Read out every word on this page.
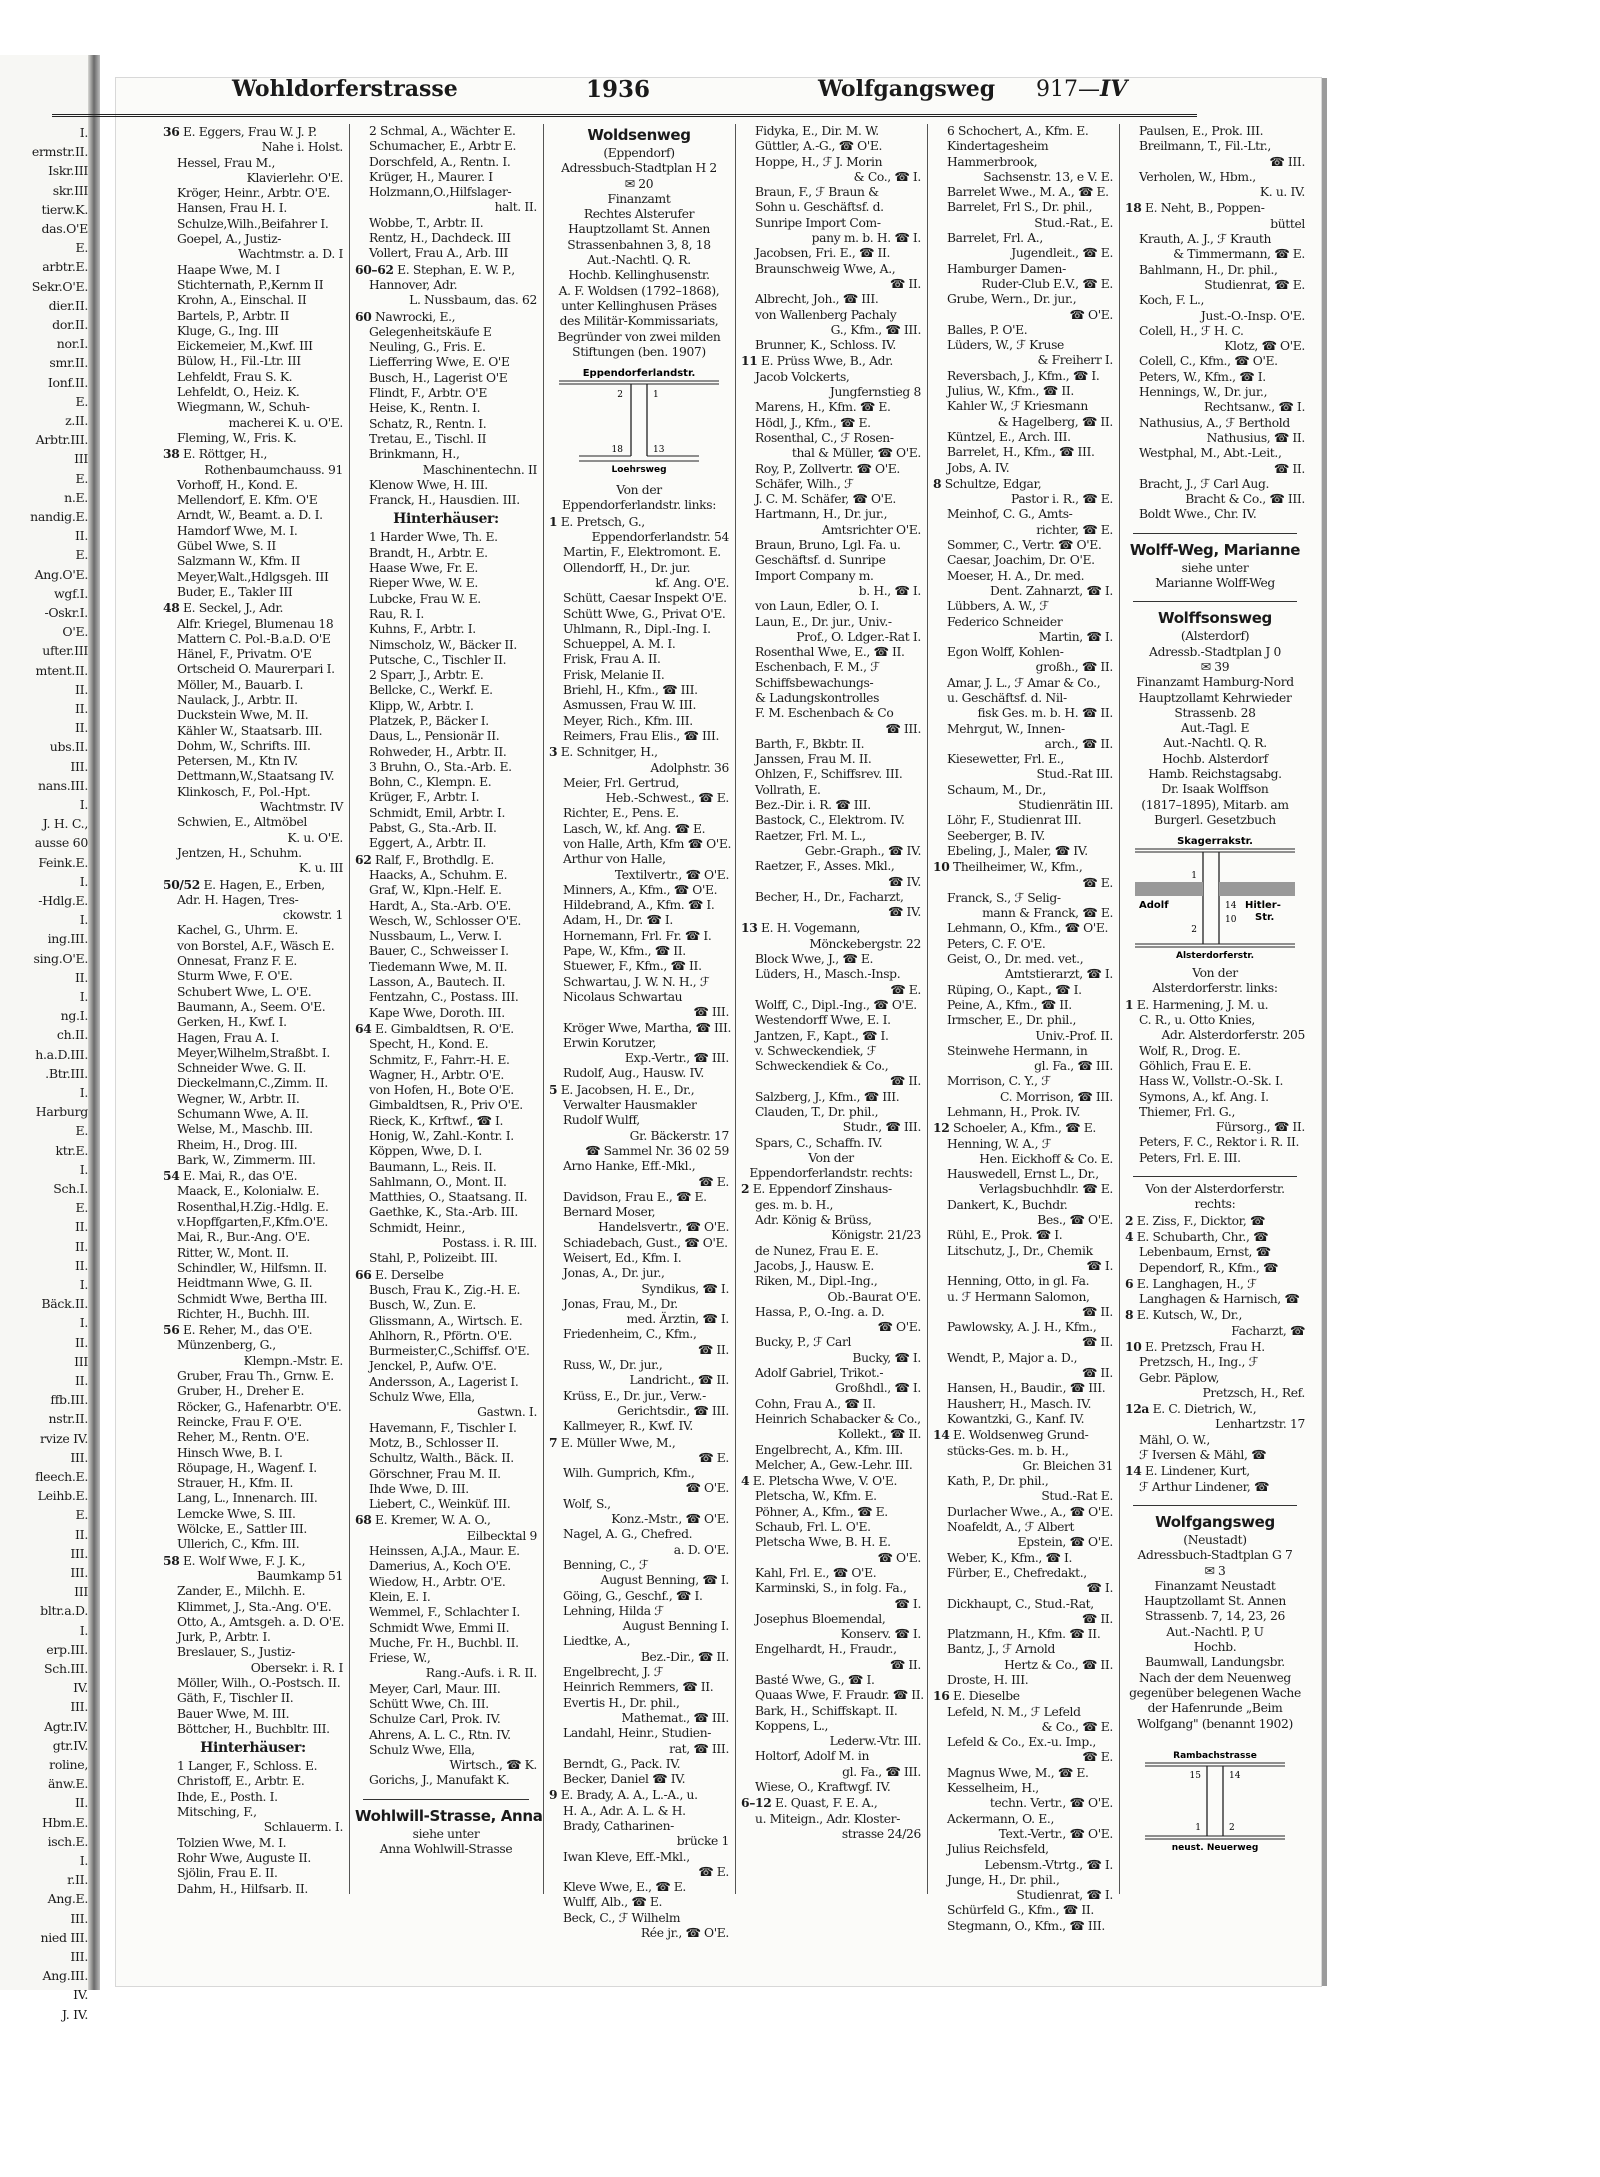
I.
ermstr.II.
Iskr.III
skr.III
tierw.K.
das.O'E
E.
arbtr.E.
Sekr.O'E.
dier.II.
dor.II.
nor.I.
smr.II.
Ionf.II.
E.
z.II.
Arbtr.III.
III
E.
n.E.
nandig.E.
II.
E.
Ang.O'E.
wgf.I.
-Oskr.I.
O'E.
ufter.III
mtent.II.
II.
II.
II.
ubs.II.
III.
nans.III.
I.
J. H. C.,
ausse 60
Feink.E.
I.
-Hdlg.E.
I.
ing.III.
sing.O'E.
II.
I.
ng.I.
ch.II.
h.a.D.III.
.Btr.III.
I.
Harburg
E.
ktr.E.
I.
Sch.I.
E.
II.
II.
II.
I.
Bäck.II.
I.
II.
III
II.
ffb.III.
nstr.II.
rvize IV.
III.
fleech.E.
Leihb.E.
E.
II.
III.
III.
III
bltr.a.D.
I.
erp.III.
Sch.III.
IV.
III.
Agtr.IV.
gtr.IV.
roline,
änw.E.
II.
Hbm.E.
isch.E.
I.
r.II.
Ang.E.
III.
nied III.
III.
Ang.III.
IV.
J. IV.
Wohldorferstrasse	1936	Wolfgangsweg 917—IV
36 E. Eggers, Frau W. J. P.
Nahe i. Holst.
Hessel, Frau M.,
Klavierlehr. O'E.
Kröger, Heinr., Arbtr. O'E.
Hansen, Frau H. I.
Schulze,Wilh.,Beifahrer I.
Goepel, A., Justiz-
Wachtmstr. a. D. I
Haape Wwe, M. I
Stichternath, P.,Kernm II
Krohn, A., Einschal. II
Bartels, P., Arbtr. II
Kluge, G., Ing. III
Eickemeier, M.,Kwf. III
Bülow, H., Fil.-Ltr. III
Lehfeldt, Frau S. K.
Lehfeldt, O., Heiz. K.
Wiegmann, W., Schuh-
macherei K. u. O'E.
Fleming, W., Fris. K.
38 E. Röttger, H.,
Rothenbaumchauss. 91
Vorhoff, H., Kond. E.
Mellendorf, E. Kfm. O'E
Arndt, W., Beamt. a. D. I.
Hamdorf Wwe, M. I.
Gübel Wwe, S. II
Salzmann W., Kfm. II
Meyer,Walt.,Hdlgsgeh. III
Buder, E., Takler III
48 E. Seckel, J., Adr.
Alfr. Kriegel, Blumenau 18
Mattern C. Pol.-B.a.D. O'E
Hänel, F., Privatm. O'E
Ortscheid O. Maurerpari I.
Möller, M., Bauarb. I.
Naulack, J., Arbtr. II.
Duckstein Wwe, M. II.
Kähler W., Staatsarb. III.
Dohm, W., Schrifts. III.
Petersen, M., Ktn IV.
Dettmann,W.,Staatsang IV.
Klinkosch, F., Pol.-Hpt.
Wachtmstr. IV
Schwien, E., Altmöbel
K. u. O'E.
Jentzen, H., Schuhm.
K. u. III
50/52 E. Hagen, E., Erben,
Adr. H. Hagen, Tres-
ckowstr. 1
Kachel, G., Uhrm. E.
von Borstel, A.F., Wäsch E.
Onnesat, Franz F. E.
Sturm Wwe, F. O'E.
Schubert Wwe, L. O'E.
Baumann, A., Seem. O'E.
Gerken, H., Kwf. I.
Hagen, Frau A. I.
Meyer,Wilhelm,Straßbt. I.
Schneider Wwe. G. II.
Dieckelmann,C.,Zimm. II.
Wegner, W., Arbtr. II.
Schumann Wwe, A. II.
Welse, M., Maschb. III.
Rheim, H., Drog. III.
Bark, W., Zimmerm. III.
54 E. Mai, R., das O'E.
Maack, E., Kolonialw. E.
Rosenthal,H.Zig.-Hdlg. E.
v.Hopffgarten,F.,Kfm.O'E.
Mai, R., Bur.-Ang. O'E.
Ritter, W., Mont. II.
Schindler, W., Hilfsmn. II.
Heidtmann Wwe, G. II.
Schmidt Wwe, Bertha III.
Richter, H., Buchh. III.
56 E. Reher, M., das O'E.
Münzenberg, G.,
Klempn.-Mstr. E.
Gruber, Frau Th., Grnw. E.
Gruber, H., Dreher E.
Röcker, G., Hafenarbtr. O'E.
Reincke, Frau F. O'E.
Reher, M., Rentn. O'E.
Hinsch Wwe, B. I.
Röupage, H., Wagenf. I.
Strauer, H., Kfm. II.
Lang, L., Innenarch. III.
Lemcke Wwe, S. III.
Wölcke, E., Sattler III.
Ullerich, C., Kfm. III.
58 E. Wolf Wwe, F. J. K.,
Baumkamp 51
Zander, E., Milchh. E.
Klimmet, J., Sta.-Ang. O'E.
Otto, A., Amtsgeh. a. D. O'E.
Jurk, P., Arbtr. I.
Breslauer, S., Justiz-
Obersekr. i. R. I
Möller, Wilh., O.-Postsch. II.
Gäth, F., Tischler II.
Bauer Wwe, M. III.
Böttcher, H., Buchbltr. III.
Hinterhäuser:
1 Langer, F., Schloss. E.
Christoff, E., Arbtr. E.
Ihde, E., Posth. I.
Mitsching, F.,
Schlauerm. I.
Tolzien Wwe, M. I.
Rohr Wwe, Auguste II.
Sjölin, Frau E. II.
Dahm, H., Hilfsarb. II.
2 Schmal, A., Wächter E.
Schumacher, E., Arbtr E.
Dorschfeld, A., Rentn. I.
Krüger, H., Maurer. I
Holzmann,O.,Hilfslager-
halt. II.
Wobbe, T., Arbtr. II.
Rentz, H., Dachdeck. III
Vollert, Frau A., Arb. III
60–62 E. Stephan, E. W. P.,
Hannover, Adr.
L. Nussbaum, das. 62
60 Nawrocki, E.,
Gelegenheitskäufe E
Neuling, G., Fris. E.
Liefferring Wwe, E. O'E
Busch, H., Lagerist O'E
Flindt, F., Arbtr. O'E
Heise, K., Rentn. I.
Schatz, R., Rentn. I.
Tretau, E., Tischl. II
Brinkmann, H.,
Maschinentechn. II
Klenow Wwe, H. III.
Franck, H., Hausdien. III.
Hinterhäuser:
1 Harder Wwe, Th. E.
Brandt, H., Arbtr. E.
Haase Wwe, Fr. E.
Rieper Wwe, W. E.
Lubcke, Frau W. E.
Rau, R. I.
Kuhns, F., Arbtr. I.
Nimscholz, W., Bäcker II.
Putsche, C., Tischler II.
2 Sparr, J., Arbtr. E.
Bellcke, C., Werkf. E.
Klipp, W., Arbtr. I.
Platzek, P., Bäcker I.
Daus, L., Pensionär II.
Rohweder, H., Arbtr. II.
3 Bruhn, O., Sta.-Arb. E.
Bohn, C., Klempn. E.
Krüger, F., Arbtr. I.
Schmidt, Emil, Arbtr. I.
Pabst, G., Sta.-Arb. II.
Eggert, A., Arbtr. II.
62 Ralf, F., Brothdlg. E.
Haacks, A., Schuhm. E.
Graf, W., Klpn.-Helf. E.
Hardt, A., Sta.-Arb. O'E.
Wesch, W., Schlosser O'E.
Nussbaum, L., Verw. I.
Bauer, C., Schweisser I.
Tiedemann Wwe, M. II.
Lasson, A., Bautech. II.
Fentzahn, C., Postass. III.
Kape Wwe, Doroth. III.
64 E. Gimbaldtsen, R. O'E.
Specht, H., Kond. E.
Schmitz, F., Fahrr.-H. E.
Wagner, H., Arbtr. O'E.
von Hofen, H., Bote O'E.
Gimbaldtsen, R., Priv O'E.
Rieck, K., Krftwf., ☎ I.
Honig, W., Zahl.-Kontr. I.
Köppen, Wwe, D. I.
Baumann, L., Reis. II.
Sahlmann, O., Mont. II.
Matthies, O., Staatsang. II.
Gaethke, K., Sta.-Arb. III.
Schmidt, Heinr.,
Postass. i. R. III.
Stahl, P., Polizeibt. III.
66 E. Derselbe
Busch, Frau K., Zig.-H. E.
Busch, W., Zun. E.
Glissmann, A., Wirtsch. E.
Ahlhorn, R., Pförtn. O'E.
Burmeister,C.,Schiffsf. O'E.
Jenckel, P., Aufw. O'E.
Andersson, A., Lagerist I.
Schulz Wwe, Ella,
Gastwn. I.
Havemann, F., Tischler I.
Motz, B., Schlosser II.
Schultz, Walth., Bäck. II.
Görschner, Frau M. II.
Ihde Wwe, D. III.
Liebert, C., Weinküf. III.
68 E. Kremer, W. A. O.,
Eilbecktal 9
Heinssen, A.J.A., Maur. E.
Damerius, A., Koch O'E.
Wiedow, H., Arbtr. O'E.
Klein, E. I.
Wemmel, F., Schlachter I.
Schmidt Wwe, Emmi II.
Muche, Fr. H., Buchbl. II.
Friese, W.,
Rang.-Aufs. i. R. II.
Meyer, Carl, Maur. III.
Schütt Wwe, Ch. III.
Schulze Carl, Prok. IV.
Ahrens, A. L. C., Rtn. IV.
Schulz Wwe, Ella,
Wirtsch., ☎ K.
Gorichs, J., Manufakt K.
Wohlwill-Strasse, Anna
siehe unter
Anna Wohlwill-Strasse
Woldsenweg
(Eppendorf)
Adressbuch-Stadtplan H 2
✉ 20
Finanzamt
Rechtes Alsterufer
Hauptzollamt St. Annen
Strassenbahnen 3, 8, 18
Aut.-Nachtl. Q. R.
Hochb. Kellinghusenstr.
A. F. Woldsen (1792–1868),
unter Kellinghusen Präses
des Militär-Kommissariats,
Begründer von zwei milden
Stiftungen (ben. 1907)
Eppendorferlandstr.
2	1
18	13
Loehrsweg
Von der
Eppendorferlandstr. links:
1 E. Pretsch, G.,
Eppendorferlandstr. 54
Martin, F., Elektromont. E.
Ollendorff, H., Dr. jur.
kf. Ang. O'E.
Schütt, Caesar Inspekt O'E.
Schütt Wwe, G., Privat O'E.
Uhlmann, R., Dipl.-Ing. I.
Schueppel, A. M. I.
Frisk, Frau A. II.
Frisk, Melanie II.
Briehl, H., Kfm., ☎ III.
Asmussen, Frau W. III.
Meyer, Rich., Kfm. III.
Reimers, Frau Elis., ☎ III.
3 E. Schnitger, H.,
Adolphstr. 36
Meier, Frl. Gertrud,
Heb.-Schwest., ☎ E.
Richter, E., Pens. E.
Lasch, W., kf. Ang. ☎ E.
von Halle, Arth, Kfm ☎ O'E.
Arthur von Halle,
Textilvertr., ☎ O'E.
Minners, A., Kfm., ☎ O'E.
Hildebrand, A., Kfm. ☎ I.
Adam, H., Dr. ☎ I.
Hornemann, Frl. Fr. ☎ I.
Pape, W., Kfm., ☎ II.
Stuewer, F., Kfm., ☎ II.
Schwartau, J. W. N. H., ℱ
Nicolaus Schwartau
☎ III.
Kröger Wwe, Martha, ☎ III.
Erwin Korutzer,
Exp.-Vertr., ☎ III.
Rudolf, Aug., Hausw. IV.
5 E. Jacobsen, H. E., Dr.,
Verwalter Hausmakler
Rudolf Wulff,
Gr. Bäckerstr. 17
☎ Sammel Nr. 36 02 59
Arno Hanke, Eff.-Mkl.,
☎ E.
Davidson, Frau E., ☎ E.
Bernard Moser,
Handelsvertr., ☎ O'E.
Schiadebach, Gust., ☎ O'E.
Weisert, Ed., Kfm. I.
Jonas, A., Dr. jur.,
Syndikus, ☎ I.
Jonas, Frau, M., Dr.
med. Ärztin, ☎ I.
Friedenheim, C., Kfm.,
☎ II.
Russ, W., Dr. jur.,
Landricht., ☎ II.
Krüss, E., Dr. jur., Verw.-
Gerichtsdir., ☎ III.
Kallmeyer, R., Kwf. IV.
7 E. Müller Wwe, M.,
☎ E.
Wilh. Gumprich, Kfm.,
☎ O'E.
Wolf, S.,
Konz.-Mstr., ☎ O'E.
Nagel, A. G., Chefred.
a. D. O'E.
Benning, C., ℱ
August Benning, ☎ I.
Göing, G., Geschf., ☎ I.
Lehning, Hilda ℱ
August Benning I.
Liedtke, A.,
Bez.-Dir., ☎ II.
Engelbrecht, J. ℱ
Heinrich Remmers, ☎ II.
Evertis H., Dr. phil.,
Mathemat., ☎ III.
Landahl, Heinr., Studien-
rat, ☎ III.
Berndt, G., Pack. IV.
Becker, Daniel ☎ IV.
9 E. Brady, A. A., L.-A., u.
H. A., Adr. A. L. & H.
Brady, Catharinen-
brücke 1
Iwan Kleve, Eff.-Mkl.,
☎ E.
Kleve Wwe, E., ☎ E.
Wulff, Alb., ☎ E.
Beck, C., ℱ Wilhelm
Rée jr., ☎ O'E.
Fidyka, E., Dir. M. W.
Güttler, A.-G., ☎ O'E.
Hoppe, H., ℱ J. Morin
& Co., ☎ I.
Braun, F., ℱ Braun &
Sohn u. Geschäftsf. d.
Sunripe Import Com-
pany m. b. H. ☎ I.
Jacobsen, Fri. E., ☎ II.
Braunschweig Wwe, A.,
☎ II.
Albrecht, Joh., ☎ III.
von Wallenberg Pachaly
G., Kfm., ☎ III.
Brunner, K., Schloss. IV.
11 E. Prüss Wwe, B., Adr.
Jacob Volckerts,
Jungfernstieg 8
Marens, H., Kfm. ☎ E.
Hödl, J., Kfm., ☎ E.
Rosenthal, C., ℱ Rosen-
thal & Müller, ☎ O'E.
Roy, P., Zollvertr. ☎ O'E.
Schäfer, Wilh., ℱ
J. C. M. Schäfer, ☎ O'E.
Hartmann, H., Dr. jur.,
Amtsrichter O'E.
Braun, Bruno, Lgl. Fa. u.
Geschäftsf. d. Sunripe
Import Company m.
b. H., ☎ I.
von Laun, Edler, O. I.
Laun, E., Dr. jur., Univ.-
Prof., O. Ldger.-Rat I.
Rosenthal Wwe, E., ☎ II.
Eschenbach, F. M., ℱ
Schiffsbewachungs-
& Ladungskontrolles
F. M. Eschenbach & Co
☎ III.
Barth, F., Bkbtr. II.
Janssen, Frau M. II.
Ohlzen, F., Schiffsrev. III.
Vollrath, E.
Bez.-Dir. i. R. ☎ III.
Bastock, C., Elektrom. IV.
Raetzer, Frl. M. L.,
Gebr.-Graph., ☎ IV.
Raetzer, F., Asses. Mkl.,
☎ IV.
Becher, H., Dr., Facharzt,
☎ IV.
13 E. H. Vogemann,
Mönckebergstr. 22
Block Wwe, J., ☎ E.
Lüders, H., Masch.-Insp.
☎ E.
Wolff, C., Dipl.-Ing., ☎ O'E.
Westendorff Wwe, E. I.
Jantzen, F., Kapt., ☎ I.
v. Schweckendiek, ℱ
Schweckendiek & Co.,
☎ II.
Salzberg, J., Kfm., ☎ III.
Clauden, T., Dr. phil.,
Studr., ☎ III.
Spars, C., Schaffn. IV.
Von der
Eppendorferlandstr. rechts:
2 E. Eppendorf Zinshaus-
ges. m. b. H.,
Adr. König & Brüss,
Königstr. 21/23
de Nunez, Frau E. E.
Jacobs, J., Hausw. E.
Riken, M., Dipl.-Ing.,
Ob.-Baurat O'E.
Hassa, P., O.-Ing. a. D.
☎ O'E.
Bucky, P., ℱ Carl
Bucky, ☎ I.
Adolf Gabriel, Trikot.-
Großhdl., ☎ I.
Cohn, Frau A., ☎ II.
Heinrich Schabacker & Co.,
Kollekt., ☎ II.
Engelbrecht, A., Kfm. III.
Melcher, A., Gew.-Lehr. III.
4 E. Pletscha Wwe, V. O'E.
Pletscha, W., Kfm. E.
Pöhner, A., Kfm., ☎ E.
Schaub, Frl. L. O'E.
Pletscha Wwe, B. H. E.
☎ O'E.
Kahl, Frl. E., ☎ O'E.
Karminski, S., in folg. Fa.,
☎ I.
Josephus Bloemendal,
Konserv. ☎ I.
Engelhardt, H., Fraudr.,
☎ II.
Basté Wwe, G., ☎ I.
Quaas Wwe, F. Fraudr. ☎ II.
Bark, H., Schiffskapt. II.
Koppens, L.,
Lederw.-Vtr. III.
Holtorf, Adolf M. in
gl. Fa., ☎ III.
Wiese, O., Kraftwgf. IV.
6–12 E. Quast, F. E. A.,
u. Miteign., Adr. Kloster-
strasse 24/26
6 Schochert, A., Kfm. E.
Kindertagesheim
Hammerbrook,
Sachsenstr. 13, e V. E.
Barrelet Wwe., M. A., ☎ E.
Barrelet, Frl S., Dr. phil.,
Stud.-Rat., E.
Barrelet, Frl. A.,
Jugendleit., ☎ E.
Hamburger Damen-
Ruder-Club E.V., ☎ E.
Grube, Wern., Dr. jur.,
☎ O'E.
Balles, P. O'E.
Lüders, W., ℱ Kruse
& Freiherr I.
Reversbach, J., Kfm., ☎ I.
Julius, W., Kfm., ☎ II.
Kahler W., ℱ Kriesmann
& Hagelberg, ☎ II.
Küntzel, E., Arch. III.
Barrelet, H., Kfm., ☎ III.
Jobs, A. IV.
8 Schultze, Edgar,
Pastor i. R., ☎ E.
Meinhof, C. G., Amts-
richter, ☎ E.
Sommer, C., Vertr. ☎ O'E.
Caesar, Joachim, Dr. O'E.
Moeser, H. A., Dr. med.
Dent. Zahnarzt, ☎ I.
Lübbers, A. W., ℱ
Federico Schneider
Martin, ☎ I.
Egon Wolff, Kohlen-
großh., ☎ II.
Amar, J. L., ℱ Amar & Co.,
u. Geschäftsf. d. Nil-
fisk Ges. m. b. H. ☎ II.
Mehrgut, W., Innen-
arch., ☎ II.
Kiesewetter, Frl. E.,
Stud.-Rat III.
Schaum, M., Dr.,
Studienrätin III.
Löhr, F., Studienrat III.
Seeberger, B. IV.
Ebeling, J., Maler, ☎ IV.
10 Theilheimer, W., Kfm.,
☎ E.
Franck, S., ℱ Selig-
mann & Franck, ☎ E.
Lehmann, O., Kfm., ☎ O'E.
Peters, C. F. O'E.
Geist, O., Dr. med. vet.,
Amtstierarzt, ☎ I.
Rüping, O., Kapt., ☎ I.
Peine, A., Kfm., ☎ II.
Irmscher, E., Dr. phil.,
Univ.-Prof. II.
Steinwehe Hermann, in
gl. Fa., ☎ III.
Morrison, C. Y., ℱ
C. Morrison, ☎ III.
Lehmann, H., Prok. IV.
12 Schoeler, A., Kfm., ☎ E.
Henning, W. A., ℱ
Hen. Eickhoff & Co. E.
Hauswedell, Ernst L., Dr.,
Verlagsbuchhdlr. ☎ E.
Dankert, K., Buchdr.
Bes., ☎ O'E.
Rühl, E., Prok. ☎ I.
Litschutz, J., Dr., Chemik
☎ I.
Henning, Otto, in gl. Fa.
u. ℱ Hermann Salomon,
☎ II.
Pawlowsky, A. J. H., Kfm.,
☎ II.
Wendt, P., Major a. D.,
☎ II.
Hansen, H., Baudir., ☎ III.
Hausherr, H., Masch. IV.
Kowantzki, G., Kanf. IV.
14 E. Woldsenweg Grund-
stücks-Ges. m. b. H.,
Gr. Bleichen 31
Kath, P., Dr. phil.,
Stud.-Rat E.
Durlacher Wwe., A., ☎ O'E.
Noafeldt, A., ℱ Albert
Epstein, ☎ O'E.
Weber, K., Kfm., ☎ I.
Fürber, E., Chefredakt.,
☎ I.
Dickhaupt, C., Stud.-Rat,
☎ II.
Platzmann, H., Kfm. ☎ II.
Bantz, J., ℱ Arnold
Hertz & Co., ☎ II.
Droste, H. III.
16 E. Dieselbe
Lefeld, N. M., ℱ Lefeld
& Co., ☎ E.
Lefeld & Co., Ex.-u. Imp.,
☎ E.
Magnus Wwe, M., ☎ E.
Kesselheim, H.,
techn. Vertr., ☎ O'E.
Ackermann, O. E.,
Text.-Vertr., ☎ O'E.
Julius Reichsfeld,
Lebensm.-Vtrtg., ☎ I.
Junge, H., Dr. phil.,
Studienrat, ☎ I.
Schürfeld G., Kfm., ☎ II.
Stegmann, O., Kfm., ☎ III.
Paulsen, E., Prok. III.
Breilmann, T., Fil.-Ltr.,
☎ III.
Verholen, W., Hbm.,
K. u. IV.
18 E. Neht, B., Poppen-
büttel
Krauth, A. J., ℱ Krauth
& Timmermann, ☎ E.
Bahlmann, H., Dr. phil.,
Studienrat, ☎ E.
Koch, F. L.,
Just.-O.-Insp. O'E.
Colell, H., ℱ H. C.
Klotz, ☎ O'E.
Colell, C., Kfm., ☎ O'E.
Peters, W., Kfm., ☎ I.
Hennings, W., Dr. jur.,
Rechtsanw., ☎ I.
Nathusius, A., ℱ Berthold
Nathusius, ☎ II.
Westphal, M., Abt.-Leit.,
☎ II.
Bracht, J., ℱ Carl Aug.
Bracht & Co., ☎ III.
Boldt Wwe., Chr. IV.
Wolff-Weg, Marianne
siehe unter
Marianne Wolff-Weg
Wolffsonsweg
(Alsterdorf)
Adressb.-Stadtplan J 0
✉ 39
Finanzamt Hamburg-Nord
Hauptzollamt Kehrwieder
Strassenb. 28
Aut.-Tagl. E
Aut.-Nachtl. Q. R.
Hochb. Alsterdorf
Hamb. Reichstagsabg.
Dr. Isaak Wolffson
(1817–1895), Mitarb. am
Burgerl. Gesetzbuch
Skagerrakstr.
Adolf	Hitler-
Str.
1
14
2
10
Alsterdorferstr.
Von der
Alsterdorferstr. links:
1 E. Harmening, J. M. u.
C. R., u. Otto Knies,
Adr. Alsterdorferstr. 205
Wolf, R., Drog. E.
Göhlich, Frau E. E.
Hass W., Vollstr.-O.-Sk. I.
Symons, A., kf. Ang. I.
Thiemer, Frl. G.,
Fürsorg., ☎ II.
Peters, F. C., Rektor i. R. II.
Peters, Frl. E. III.
Von der Alsterdorferstr.
rechts:
2 E. Ziss, F., Dicktor, ☎
4 E. Schubarth, Chr., ☎
Lebenbaum, Ernst, ☎
Dependorf, R., Kfm., ☎
6 E. Langhagen, H., ℱ
Langhagen & Harnisch, ☎
8 E. Kutsch, W., Dr.,
Facharzt, ☎
10 E. Pretzsch, Frau H.
Pretzsch, H., Ing., ℱ
Gebr. Päplow,
Pretzsch, H., Ref.
12a E. C. Dietrich, W.,
Lenhartzstr. 17
Mähl, O. W.,
ℱ Iversen & Mähl, ☎
14 E. Lindener, Kurt,
ℱ Arthur Lindener, ☎
Wolfgangsweg
(Neustadt)
Adressbuch-Stadtplan G 7
✉ 3
Finanzamt Neustadt
Hauptzollamt St. Annen
Strassenb. 7, 14, 23, 26
Aut.-Nachtl. P, U
Hochb.
Baumwall, Landungsbr.
Nach der dem Neuenweg
gegenüber belegenen Wache
der Hafenrunde „Beim
Wolfgang" (benannt 1902)
Rambachstrasse
15	14
1	2
neust. Neuerweg
